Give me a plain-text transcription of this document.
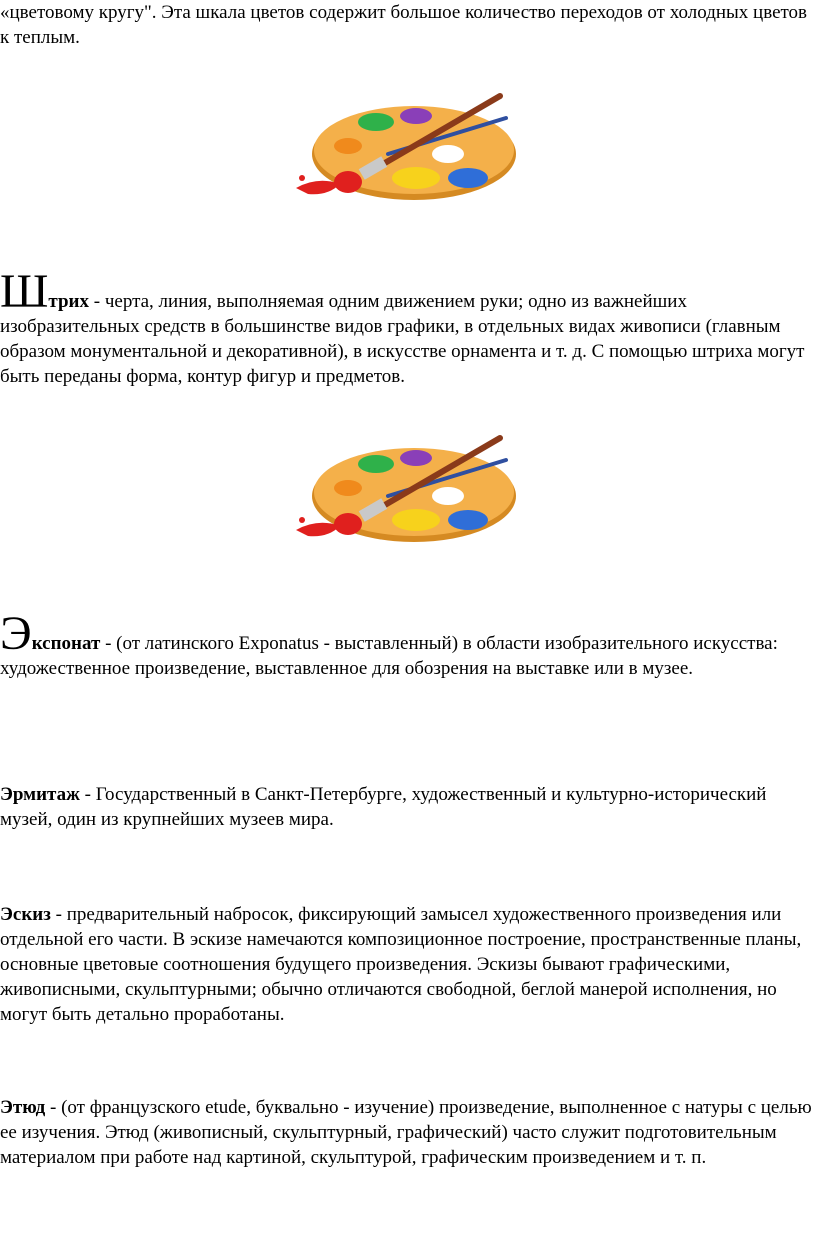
«цветовому кругу". Эта шкала цветов содержит большое количество переходов от холодных цветов к теплым.

Штрих - черта, линия, выполняемая одним движением руки; одно из важнейших изобразительных средств в большинстве видов графики, в отдельных видах живописи (главным образом монументальной и декоративной), в искусстве орнамента и т. д. С помощью штриха могут быть переданы форма, контур фигур и предметов.

Экспонат - (от латинского Exponatus - выставленный) в области изобразительного искусства: художественное произведение, выставленное для обозрения на выставке или в музее.

Эрмитаж - Государственный в Санкт-Петербурге, художественный и культурно-исторический музей, один из крупнейших музеев мира.

Эскиз - предварительный набросок, фиксирующий замысел художественного произведения или отдельной его части. В эскизе намечаются композиционное построение, пространственные планы, основные цветовые соотношения будущего произведения. Эскизы бывают графическими, живописными, скульптурными; обычно отличаются свободной, беглой манерой исполнения, но могут быть детально проработаны.

Этюд - (от французского etude, буквально - изучение) произведение, выполненное с натуры с целью ее изучения. Этюд (живописный, скульптурный, графический) часто служит подготовительным материалом при работе над картиной, скульптурой, графическим произведением и т. п.
